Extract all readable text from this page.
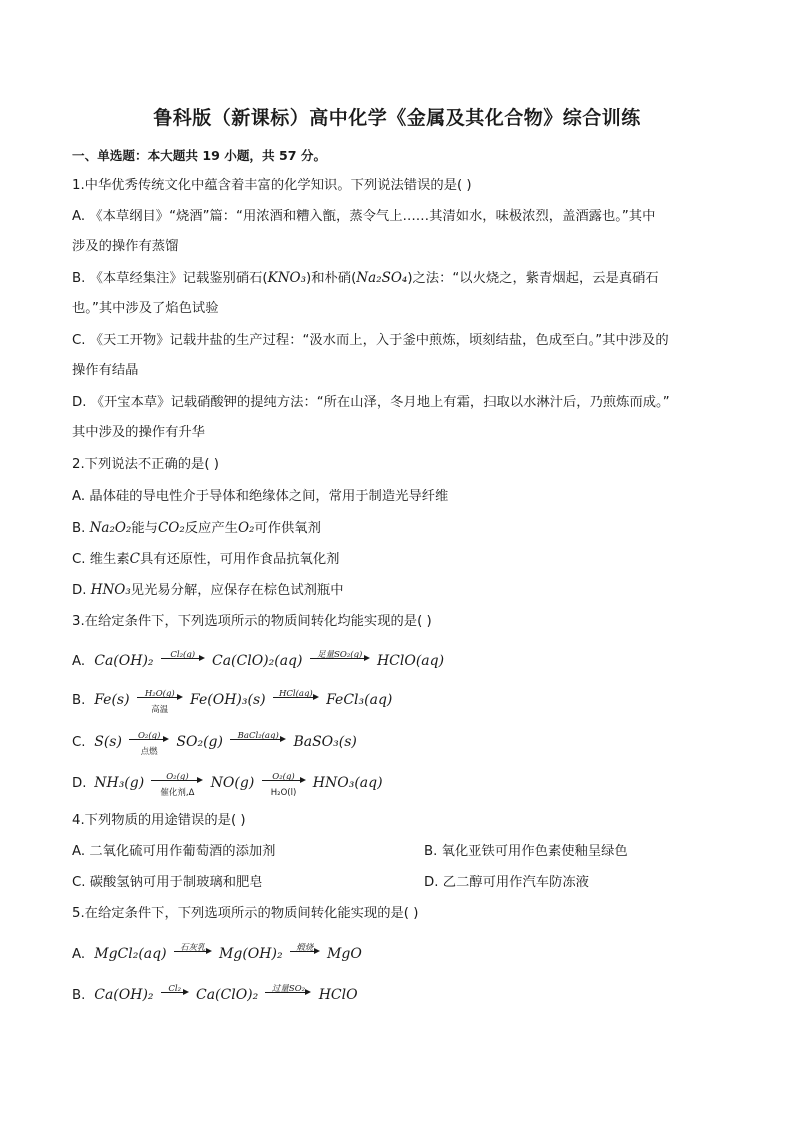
鲁科版（新课标）高中化学《金属及其化合物》综合训练
一、单选题：本大题共 19 小题，共 57 分。
1.中华优秀传统文化中蕴含着丰富的化学知识。下列说法错误的是( )
A. 《本草纲目》“烧酒”篇：“用浓酒和糟入甑，蒸令气上……其清如水，味极浓烈，盖酒露也。”其中
涉及的操作有蒸馏
B. 《本草经集注》记载鉴别硝石(KNO₃)和朴硝(Na₂SO₄)之法：“以火烧之，紫青烟起，云是真硝石
也。”其中涉及了焰色试验
C. 《天工开物》记载井盐的生产过程：“汲水而上，入于釜中煎炼，顷刻结盐，色成至白。”其中涉及的
操作有结晶
D. 《开宝本草》记载硝酸钾的提纯方法：“所在山泽，冬月地上有霜，扫取以水淋汁后，乃煎炼而成。”
其中涉及的操作有升华
2.下列说法不正确的是( )
A. 晶体硅的导电性介于导体和绝缘体之间，常用于制造光导纤维
B. Na₂O₂能与CO₂反应产生O₂可作供氧剂
C. 维生素C具有还原性，可用作食品抗氧化剂
D. HNO₃见光易分解，应保存在棕色试剂瓶中
3.在给定条件下，下列选项所示的物质间转化均能实现的是( )
A. Ca(OH)₂	Cl₂(g)	Ca(ClO)₂(aq)	足量SO₂(g)	HClO(aq)
B. Fe(s)	H₂O(g)
高温
Fe(OH)₃(s)	HCl(aq) FeCl₃(aq)
C. S(s)	O₂(g)
点燃
SO₂(g)	BaCl₂(aq)	BaSO₃(s)
D. NH₃(g)	O₂(g)
催化剂,Δ
$NO(g) \frac{\text{O₂(g)}}{\text{H₂O(l)}} HNO_3(aq)$
4.下列物质的用途错误的是( )
A. 二氧化硫可用作葡萄酒的添加剂	B. 氧化亚铁可用作色素使釉呈绿色
C. 碳酸氢钠可用于制玻璃和肥皂	D. 乙二醇可用作汽车防冻液
5.在给定条件下，下列选项所示的物质间转化能实现的是( )
A. MgCl₂(aq)	石灰乳 Mg(OH)₂	煅烧 MgO
B. Ca(OH)₂	Cl₂	Ca(ClO)₂	过量SO₂ HClO
